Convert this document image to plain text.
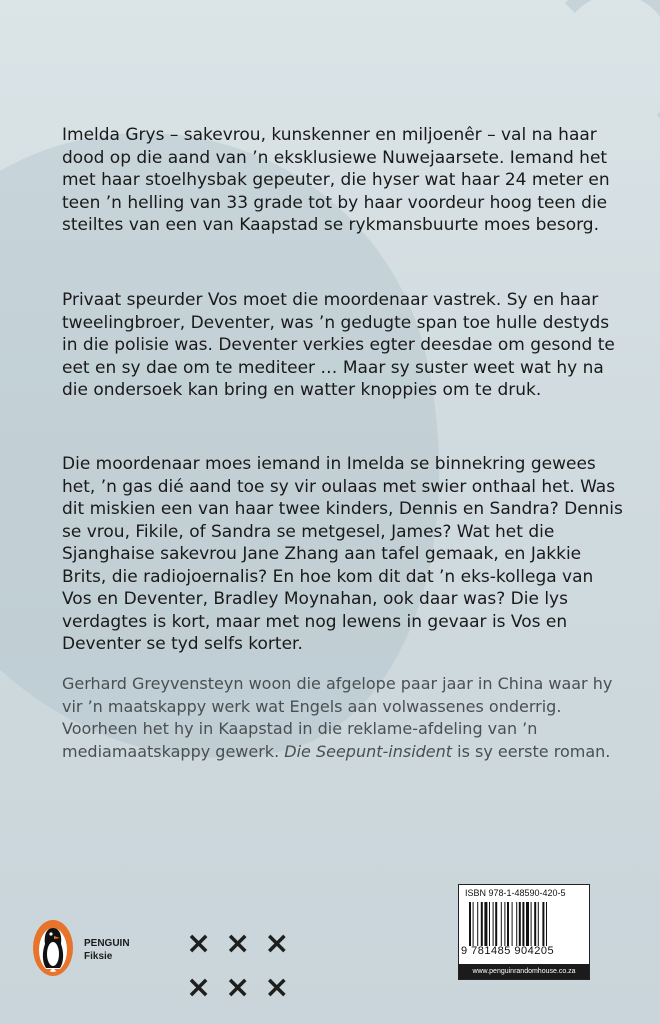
Imelda Grys – sakevrou, kunskenner en miljoenêr – val na haar dood op die aand van ’n eksklusiewe Nuwejaarsete. Iemand het met haar stoelhysbak gepeuter, die hyser wat haar 24 meter en teen ’n helling van 33 grade tot by haar voordeur hoog teen die steiltes van een van Kaapstad se rykmansbuurte moes besorg.

Privaat speurder Vos moet die moordenaar vastrek. Sy en haar tweelingbroer, Deventer, was ’n gedugte span toe hulle destyds in die polisie was. Deventer verkies egter deesdae om gesond te eet en sy dae om te mediteer … Maar sy suster weet wat hy na die ondersoek kan bring en watter knoppies om te druk.

Die moordenaar moes iemand in Imelda se binnekring gewees het, ’n gas dié aand toe sy vir oulaas met swier onthaal het. Was dit miskien een van haar twee kinders, Dennis en Sandra? Dennis se vrou, Fikile, of Sandra se metgesel, James? Wat het die Sjanghaise sakevrou Jane Zhang aan tafel gemaak, en Jakkie Brits, die radiojoernalis? En hoe kom dit dat ’n eks-kollega van Vos en Deventer, Bradley Moynahan, ook daar was? Die lys verdagtes is kort, maar met nog lewens in gevaar is Vos en Deventer se tyd selfs korter.

Gerhard Greyvensteyn woon die afgelope paar jaar in China waar hy vir ’n maatskappy werk wat Engels aan volwassenes onderrig. Voorheen het hy in Kaapstad in die reklame-afdeling van ’n mediamaatskappy gewerk. Die Seepunt-insident is sy eerste roman.

PENGUIN
Fiksie	×××
×××
ISBN 978-1-48590-420-5
9 781485 904205
www.penguinrandomhouse.co.za
